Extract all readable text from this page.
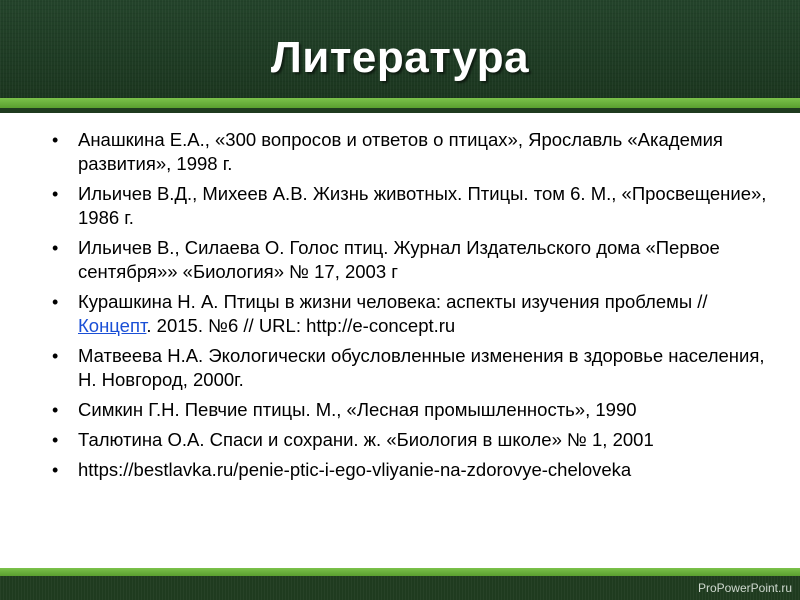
Литература
• Анашкина Е.А., «300 вопросов и ответов о птицах», Ярославль «Академия развития», 1998 г.
• Ильичев В.Д., Михеев А.В. Жизнь животных. Птицы. том 6. М., «Просвещение», 1986 г.
• Ильичев В., Силаева О. Голос птиц. Журнал Издательского дома «Первое сентября»» «Биология» № 17, 2003 г
• Курашкина Н. А. Птицы в жизни человека: аспекты изучения проблемы // Концепт. 2015. №6 // URL: http://e-concept.ru
• Матвеева Н.А. Экологически обусловленные изменения в здоровье населения, Н. Новгород, 2000г.
• Симкин Г.Н. Певчие птицы. М., «Лесная промышленность», 1990
• Талютина О.А. Спаси и сохрани. ж. «Биология в школе» № 1, 2001
• https://bestlavka.ru/penie-ptic-i-ego-vliyanie-na-zdorovye-cheloveka
ProPowerPoint.ru
